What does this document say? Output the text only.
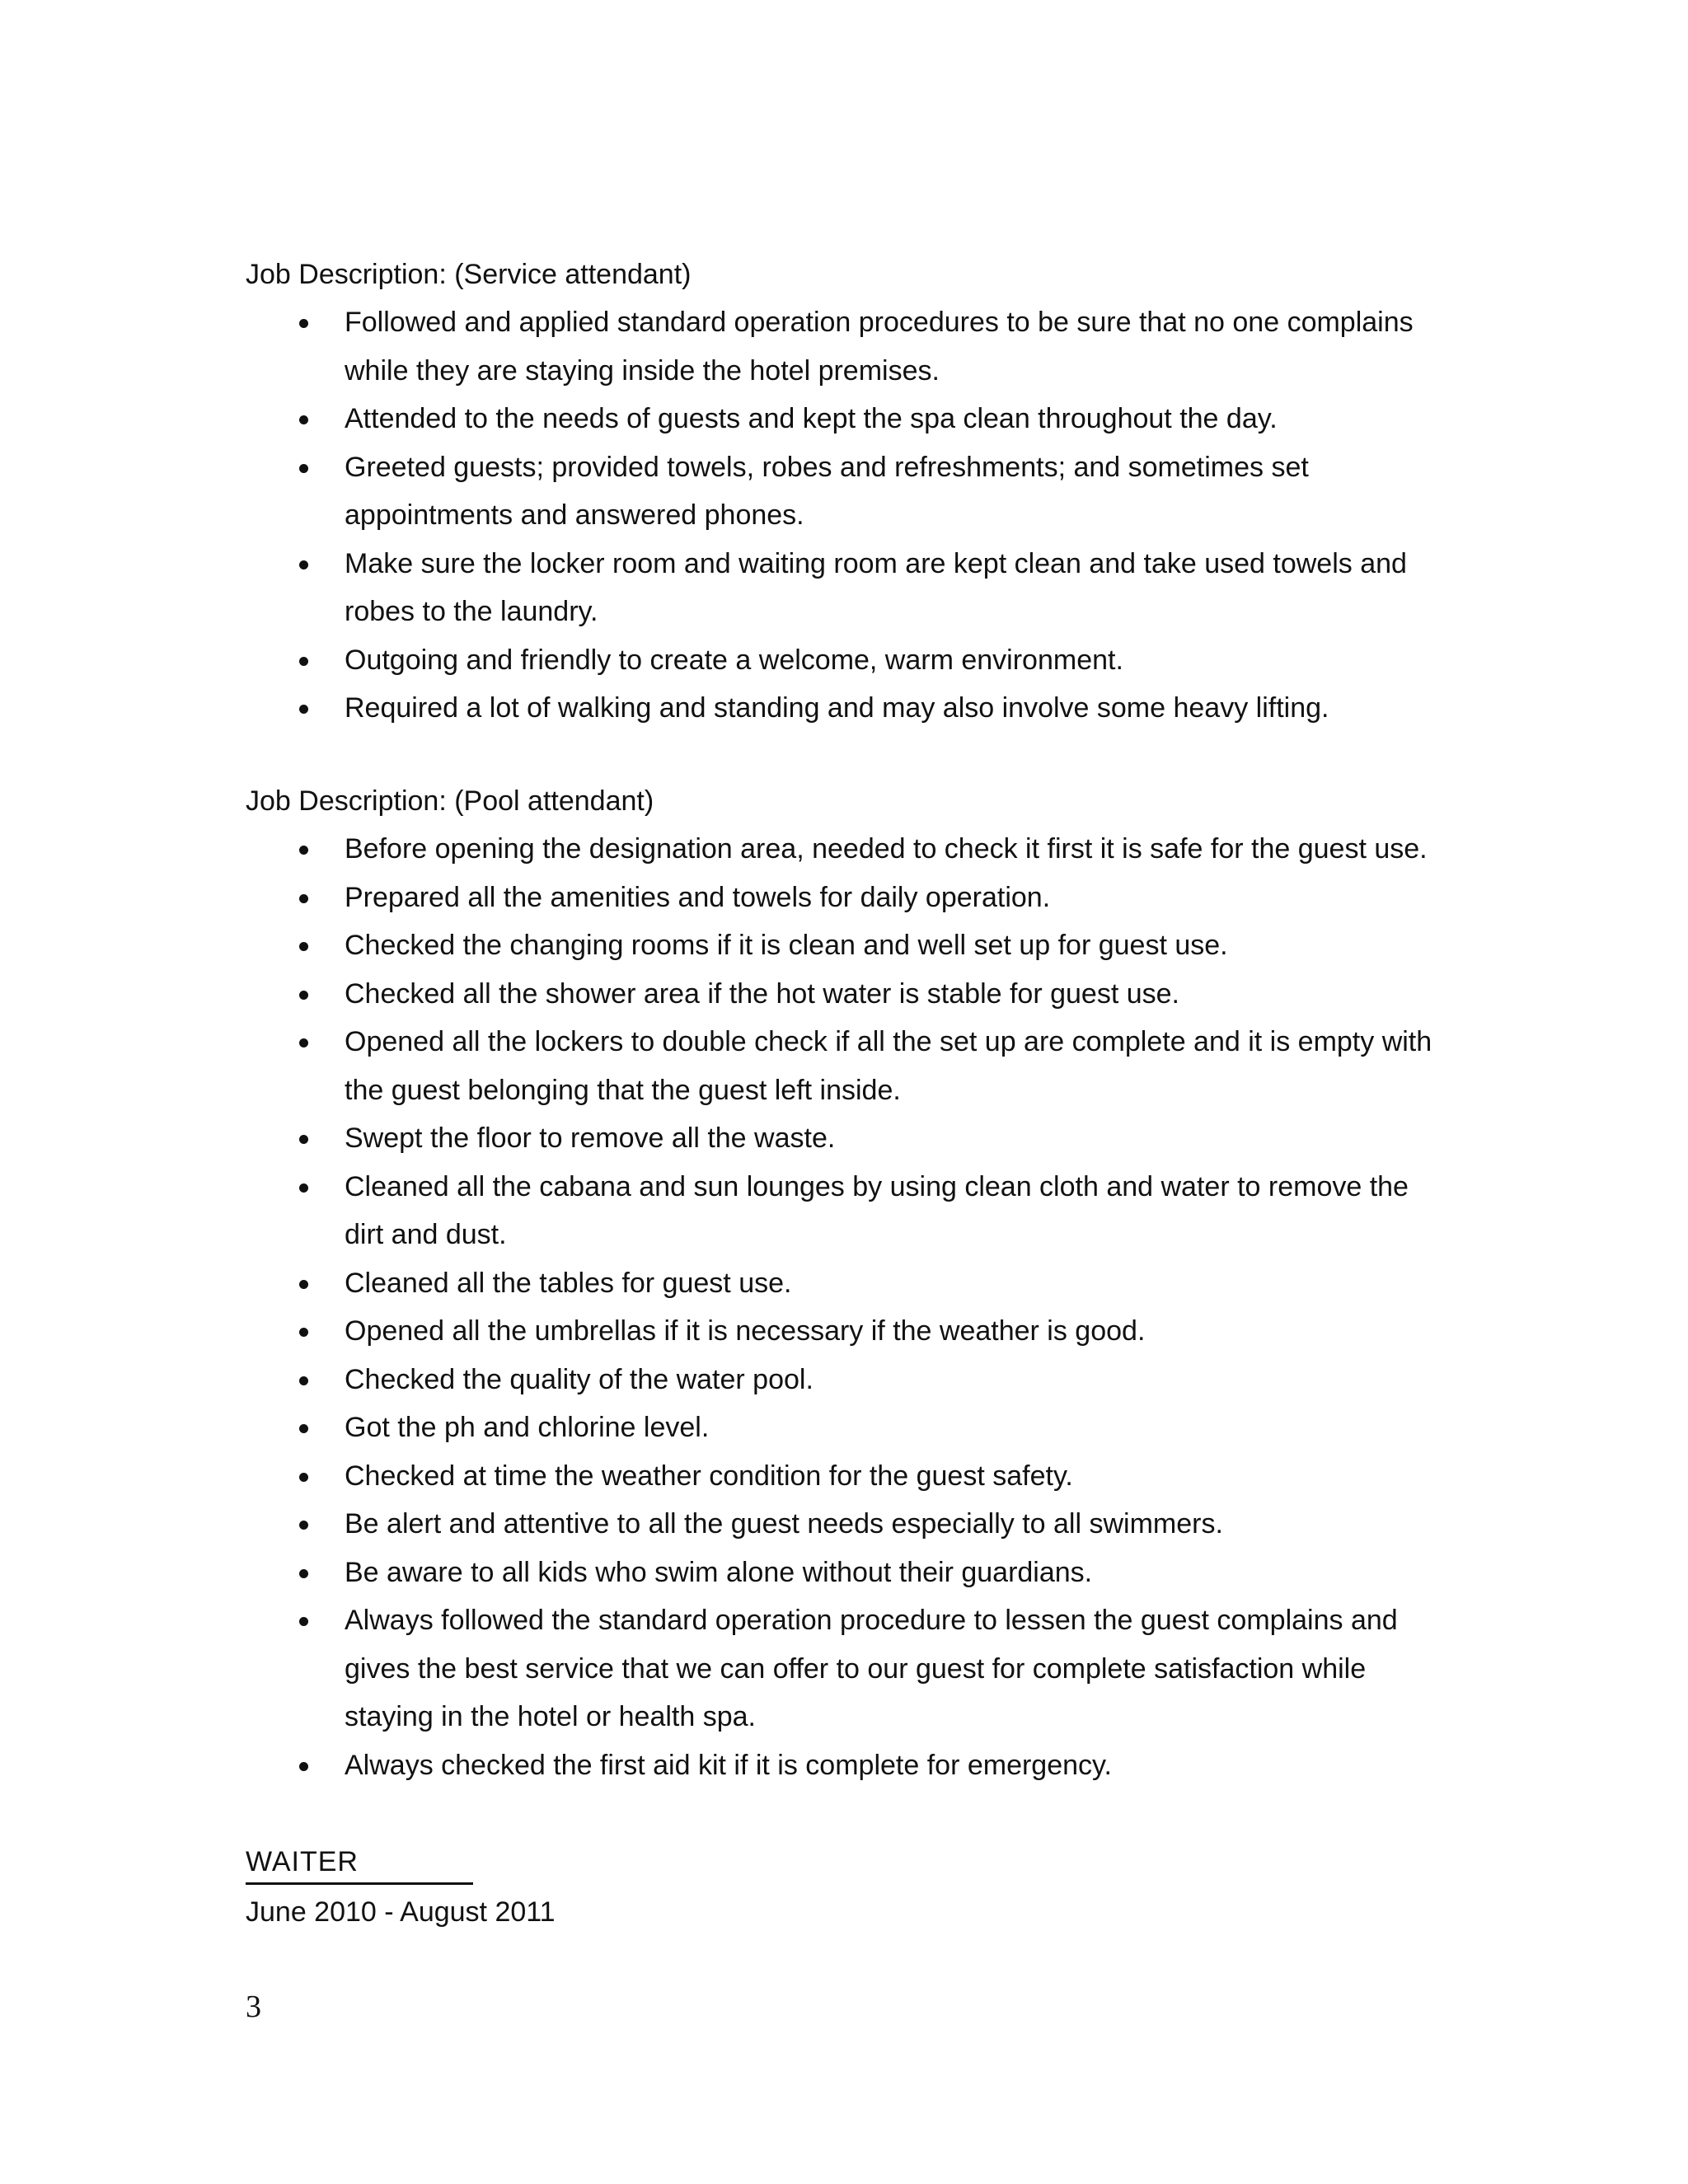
Job Description: (Service attendant)

Followed and applied standard operation procedures to be sure that no one complains while they are staying inside the hotel premises.
Attended to the needs of guests and kept the spa clean throughout the day.
Greeted guests; provided towels, robes and refreshments; and sometimes set appointments and answered phones.
Make sure the locker room and waiting room are kept clean and take used towels and robes to the laundry.
Outgoing and friendly to create a welcome, warm environment.
Required a lot of walking and standing and may also involve some heavy lifting.

Job Description: (Pool attendant)

Before opening the designation area, needed to check it first it is safe for the guest use.
Prepared all the amenities and towels for daily operation.
Checked the changing rooms if it is clean and well set up for guest use.
Checked all the shower area if the hot water is stable for guest use.
Opened all the lockers to double check if all the set up are complete and it is empty with the guest belonging that the guest left inside.
Swept the floor to remove all the waste.
Cleaned all the cabana and sun lounges by using clean cloth and water to remove the dirt and dust.
Cleaned all the tables for guest use.
Opened all the umbrellas if it is necessary if the weather is good.
Checked the quality of the water pool.
Got the ph and chlorine level.
Checked at time the weather condition for the guest safety.
Be alert and attentive to all the guest needs especially to all swimmers.
Be aware to all kids who swim alone without their guardians.
Always followed the standard operation procedure to lessen the guest complains and gives the best service that we can offer to our guest for complete satisfaction while staying in the hotel or health spa.
Always checked the first aid kit if it is complete for emergency.
WAITER
June 2010 - August 2011
3
